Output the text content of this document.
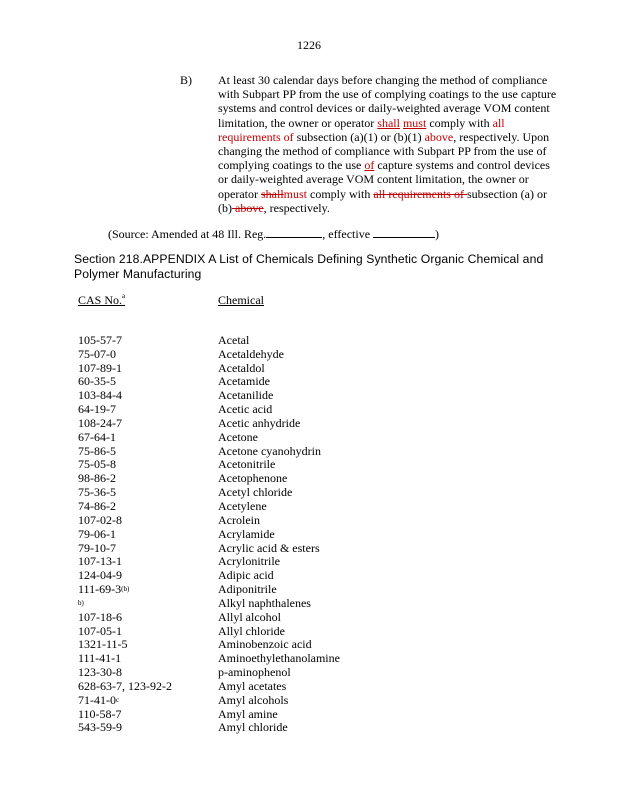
1226
B) At least 30 calendar days before changing the method of compliance with Subpart PP from the use of complying coatings to the use capture systems and control devices or daily-weighted average VOM content limitation, the owner or operator shall must comply with all requirements of subsection (a)(1) or (b)(1) above, respectively. Upon changing the method of compliance with Subpart PP from the use of complying coatings to the use of capture systems and control devices or daily-weighted average VOM content limitation, the owner or operator shallmust comply with all requirements of subsection (a) or (b) above, respectively.
(Source: Amended at 48 Ill. Reg.	, effective	)
Section 218.APPENDIX A List of Chemicals Defining Synthetic Organic Chemical and Polymer Manufacturing
CAS No.$^a$	Chemical
105-57-7	Acetal
75-07-0	Acetaldehyde
107-89-1	Acetaldol
60-35-5	Acetamide
103-84-4	Acetanilide
64-19-7	Acetic acid
108-24-7	Acetic anhydride
67-64-1	Acetone
75-86-5	Acetone cyanohydrin
75-05-8	Acetonitrile
98-86-2	Acetophenone
75-36-5	Acetyl chloride
74-86-2	Acetylene
107-02-8	Acrolein
79-06-1	Acrylamide
79-10-7	Acrylic acid & esters
107-13-1	Acrylonitrile
124-04-9	Adipic acid
111-69-3$^{(b)}$	Adiponitrile
b)	Alkyl naphthalenes
107-18-6	Allyl alcohol
107-05-1	Allyl chloride
1321-11-5	Aminobenzoic acid
111-41-1	Aminoethylethanolamine
123-30-8	p-aminophenol
628-63-7, 123-92-2	Amyl acetates
71-41-0$^c$	Amyl alcohols
110-58-7	Amyl amine
543-59-9	Amyl chloride
